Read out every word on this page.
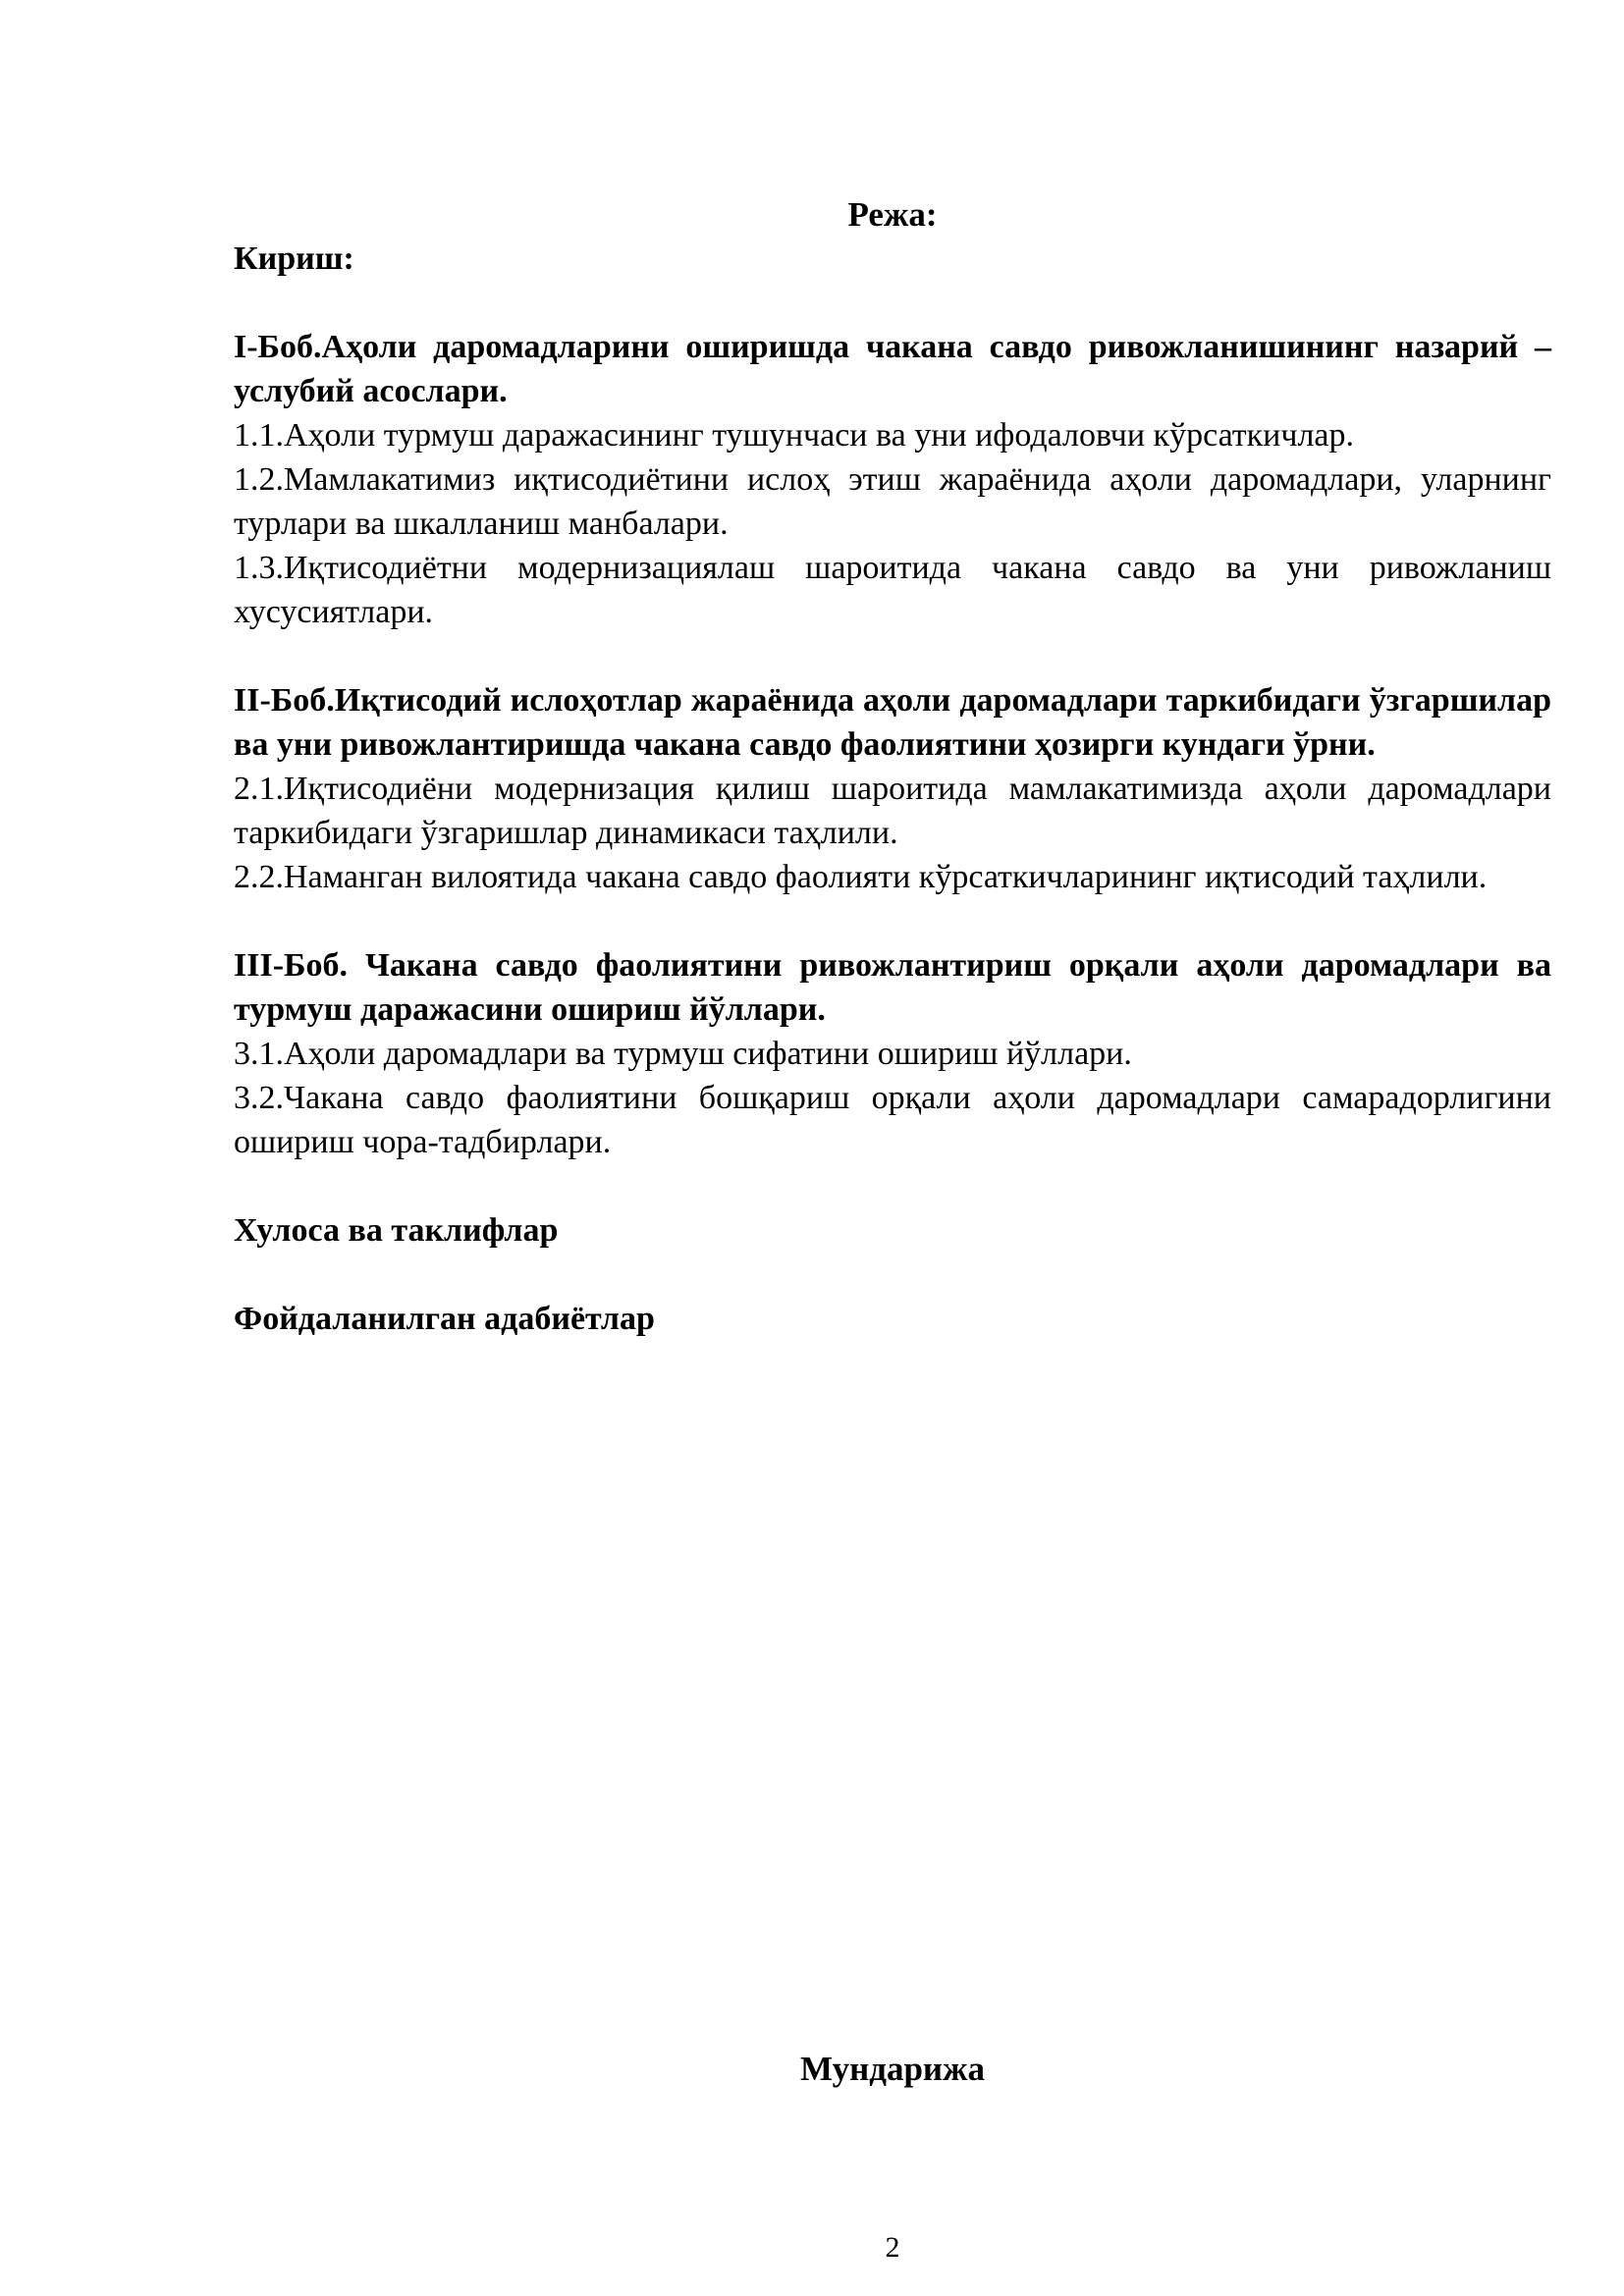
Режа:

Кириш:

I-Боб.Аҳоли даромадларини оширишда чакана савдо ривожланишининг назарий – услубий асослари.

1.1.Аҳоли турмуш даражасининг тушунчаси ва уни ифодаловчи кўрсаткичлар.

1.2.Мамлакатимиз иқтисодиётини ислоҳ этиш жараёнида аҳоли даромадлари, уларнинг турлари ва шкалланиш манбалари.

1.3.Иқтисодиётни модернизациялаш шароитида чакана савдо ва уни ривожланиш хусусиятлари.

II-Боб.Иқтисодий ислоҳотлар жараёнида аҳоли даромадлари таркибидаги ўзгаршилар ва уни ривожлантиришда чакана савдо фаолиятини ҳозирги кундаги ўрни.

2.1.Иқтисодиёни модернизация қилиш шароитида мамлакатимизда аҳоли даромадлари таркибидаги ўзгаришлар динамикаси таҳлили.

2.2.Наманган вилоятида чакана савдо фаолияти кўрсаткичларининг иқтисодий таҳлили.

III-Боб. Чакана савдо фаолиятини ривожлантириш орқали аҳоли даромадлари ва турмуш даражасини ошириш йўллари.

3.1.Аҳоли даромадлари ва турмуш сифатини ошириш йўллари.

3.2.Чакана савдо фаолиятини бошқариш орқали аҳоли даромадлари самарадорлигини ошириш чора-тадбирлари.

Хулоса ва таклифлар

Фойдаланилган адабиётлар

Мундарижа

2
